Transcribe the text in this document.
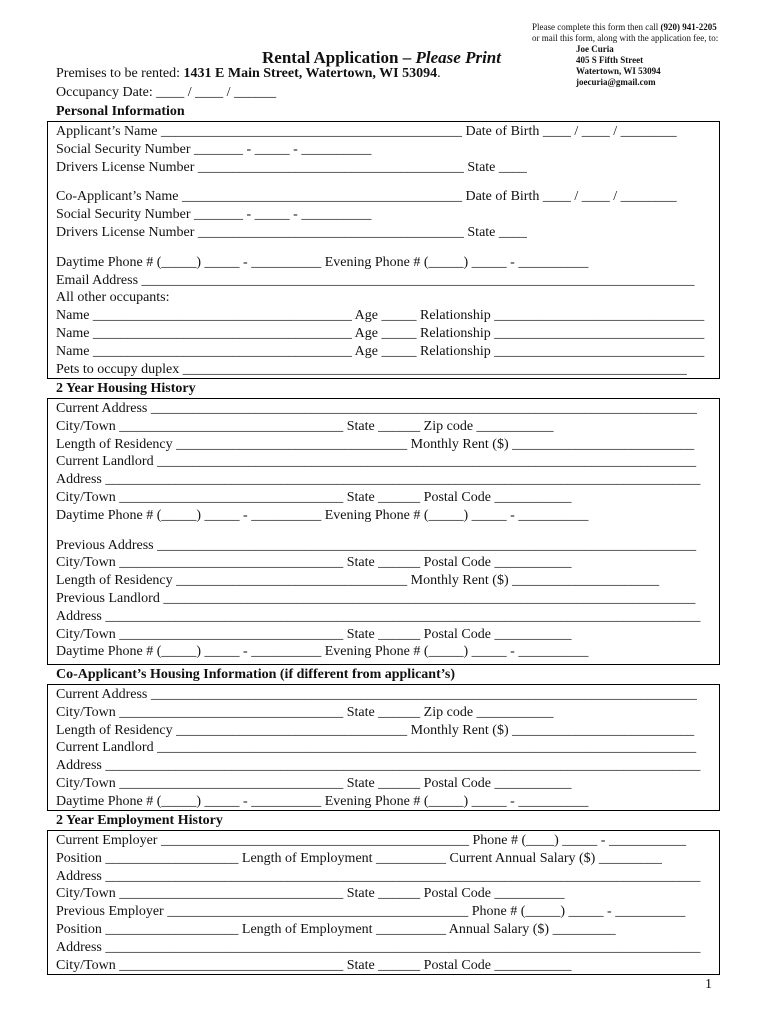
Please complete this form then call (920) 941-2205
or mail this form, along with the application fee, to:
Joe Curia
405 S Fifth Street
Watertown, WI 53094
joecuria@gmail.com
Rental Application – Please Print
Premises to be rented: 1431 E Main Street, Watertown, WI 53094.
Occupancy Date: ____ / ____ / ______
Personal Information
Applicant’s Name ___________________________________________ Date of Birth ____ / ____ / ________
Social Security Number _______ - _____ - __________
Drivers License Number ______________________________________ State ____
Co-Applicant’s Name ________________________________________ Date of Birth ____ / ____ / ________
Social Security Number _______ - _____ - __________
Drivers License Number ______________________________________ State ____
Daytime Phone # (_____) _____ - __________ Evening Phone # (_____) _____ - __________
Email Address _______________________________________________________________________________
All other occupants:
Name _____________________________________ Age _____ Relationship ______________________________
Name _____________________________________ Age _____ Relationship ______________________________
Name _____________________________________ Age _____ Relationship ______________________________
Pets to occupy duplex ________________________________________________________________________
2 Year Housing History
Current Address ______________________________________________________________________________
City/Town ________________________________ State ______ Zip code ___________
Length of Residency _________________________________ Monthly Rent ($) __________________________
Current Landlord _____________________________________________________________________________
Address _____________________________________________________________________________________
City/Town ________________________________ State ______ Postal Code ___________
Daytime Phone # (_____) _____ - __________ Evening Phone # (_____) _____ - __________
Previous Address _____________________________________________________________________________
City/Town ________________________________ State ______ Postal Code ___________
Length of Residency _________________________________ Monthly Rent ($) _____________________
Previous Landlord ____________________________________________________________________________
Address _____________________________________________________________________________________
City/Town ________________________________ State ______ Postal Code ___________
Daytime Phone # (_____) _____ - __________ Evening Phone # (_____) _____ - __________
Co-Applicant’s Housing Information (if different from applicant’s)
Current Address ______________________________________________________________________________
City/Town ________________________________ State ______ Zip code ___________
Length of Residency _________________________________ Monthly Rent ($) __________________________
Current Landlord _____________________________________________________________________________
Address _____________________________________________________________________________________
City/Town ________________________________ State ______ Postal Code ___________
Daytime Phone # (_____) _____ - __________ Evening Phone # (_____) _____ - __________
2 Year Employment History
Current Employer ____________________________________________ Phone # (____) _____ - ___________
Position ___________________ Length of Employment __________ Current Annual Salary ($) _________
Address _____________________________________________________________________________________
City/Town ________________________________ State ______ Postal Code __________
Previous Employer ___________________________________________ Phone # (_____) _____ - __________
Position ___________________ Length of Employment __________ Annual Salary ($) _________
Address _____________________________________________________________________________________
City/Town ________________________________ State ______ Postal Code ___________
1
